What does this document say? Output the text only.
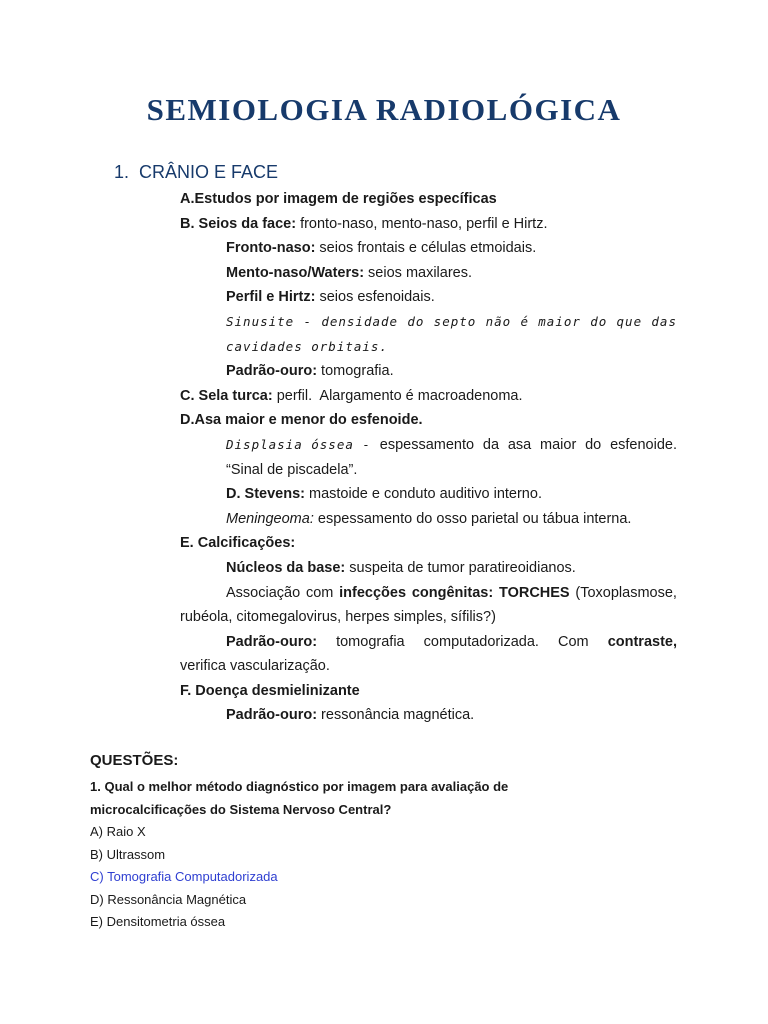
SEMIOLOGIA RADIOLÓGICA
1. CRÂNIO E FACE
A.Estudos por imagem de regiões específicas
B. Seios da face: fronto-naso, mento-naso, perfil e Hirtz.
Fronto-naso: seios frontais e células etmoidais.
Mento-naso/Waters: seios maxilares.
Perfil e Hirtz: seios esfenoidais.
Sinusite - densidade do septo não é maior do que das
cavidades orbitais.
Padrão-ouro: tomografia.
C. Sela turca: perfil.  Alargamento é macroadenoma.
D.Asa maior e menor do esfenoide.
Displasia óssea - espessamento da asa maior do esfenoide.
“Sinal de piscadela”.
D. Stevens: mastoide e conduto auditivo interno.
Meningeoma: espessamento do osso parietal ou tábua interna.
E. Calcificações:
Núcleos da base: suspeita de tumor paratireoidianos.
Associação com infecções congênitas: TORCHES (Toxoplasmose,
rubéola, citomegalovirus, herpes simples, sífilis?)
Padrão-ouro: tomografia computadorizada. Com contraste,
verifica vascularização.
F. Doença desmielinizante
Padrão-ouro: ressonância magnética.
QUESTÕES:
1. Qual o melhor método diagnóstico por imagem para avaliação de
microcalcificações do Sistema Nervoso Central?
A) Raio X
B) Ultrassom
C) Tomografia Computadorizada
D) Ressonância Magnética
E) Densitometria óssea
